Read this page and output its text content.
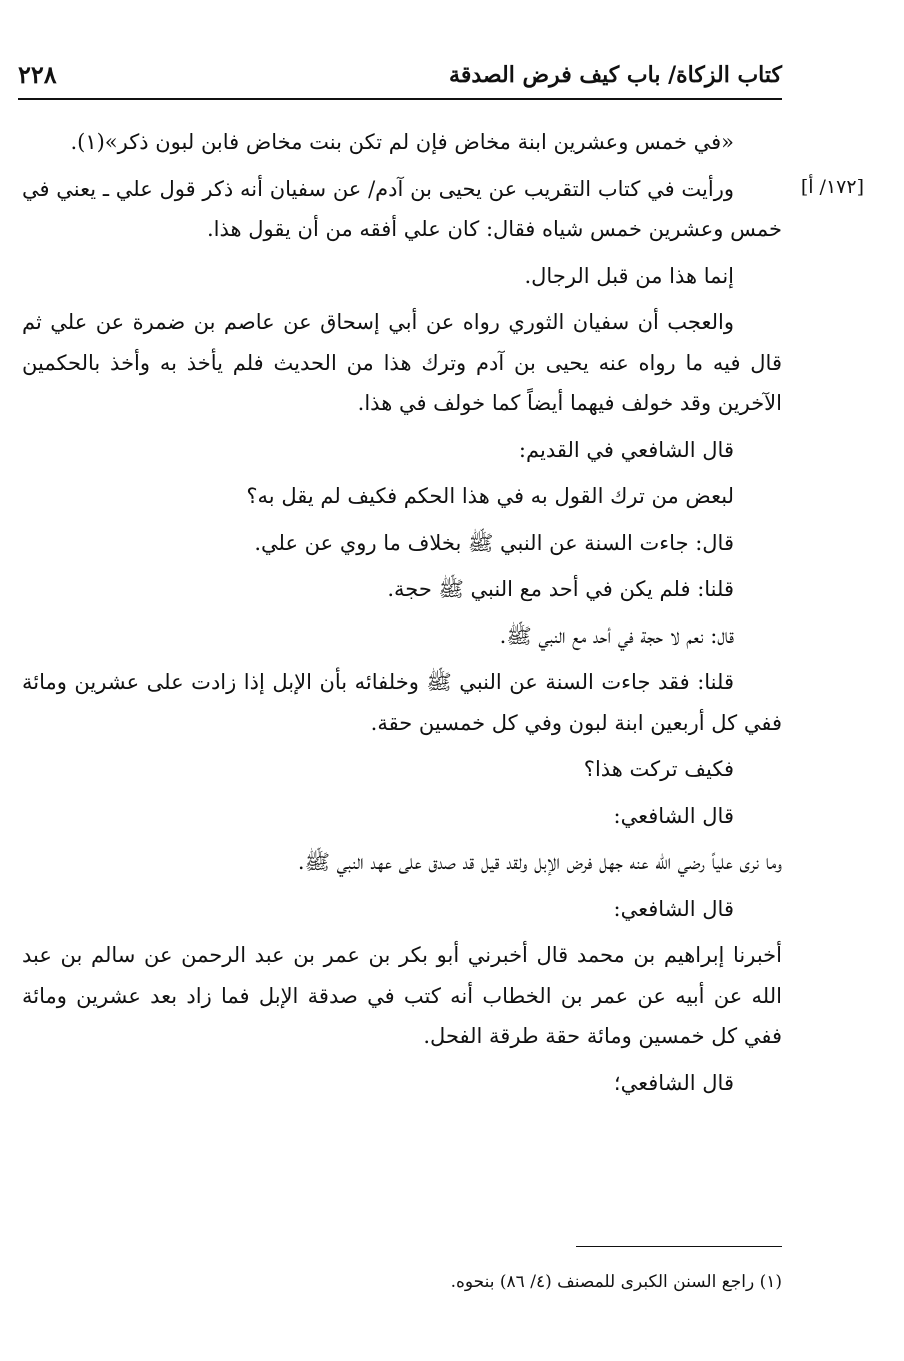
كتاب الزكاة/ باب كيف فرض الصدقة
٢٢٨
[١٧٢/ أ]

«في خمس وعشرين ابنة مخاض فإن لم تكن بنت مخاض فابن لبون ذكر»(١).

ورأيت في كتاب التقريب عن يحيى بن آدم/ عن سفيان أنه ذكر قول علي ـ يعني في خمس وعشرين خمس شياه فقال: كان علي أفقه من أن يقول هذا.

إنما هذا من قبل الرجال.

والعجب أن سفيان الثوري رواه عن أبي إسحاق عن عاصم بن ضمرة عن علي ثم قال فيه ما رواه عنه يحيى بن آدم وترك هذا من الحديث فلم يأخذ به وأخذ بالحكمين الآخرين وقد خولف فيهما أيضاً كما خولف في هذا.

قال الشافعي في القديم:

لبعض من ترك القول به في هذا الحكم فكيف لم يقل به؟

قال: جاءت السنة عن النبي ﷺ بخلاف ما روي عن علي.

قلنا: فلم يكن في أحد مع النبي ﷺ حجة.

قال: نعم لا حجة في أحد مع النبي ﷺ.

قلنا: فقد جاءت السنة عن النبي ﷺ وخلفائه بأن الإبل إذا زادت على عشرين ومائة ففي كل أربعين ابنة لبون وفي كل خمسين حقة.

فكيف تركت هذا؟

قال الشافعي:

وما نرى علياً رضي الله عنه جهل فرض الإبل ولقد قيل قد صدق على عهد النبي ﷺ.

قال الشافعي:

أخبرنا إبراهيم بن محمد قال أخبرني أبو بكر بن عمر بن عبد الرحمن عن سالم بن عبد الله عن أبيه عن عمر بن الخطاب أنه كتب في صدقة الإبل فما زاد بعد عشرين ومائة ففي كل خمسين ومائة حقة طرقة الفحل.

قال الشافعي؛

(١) راجع السنن الكبرى للمصنف (٤/ ٨٦) بنحوه.
